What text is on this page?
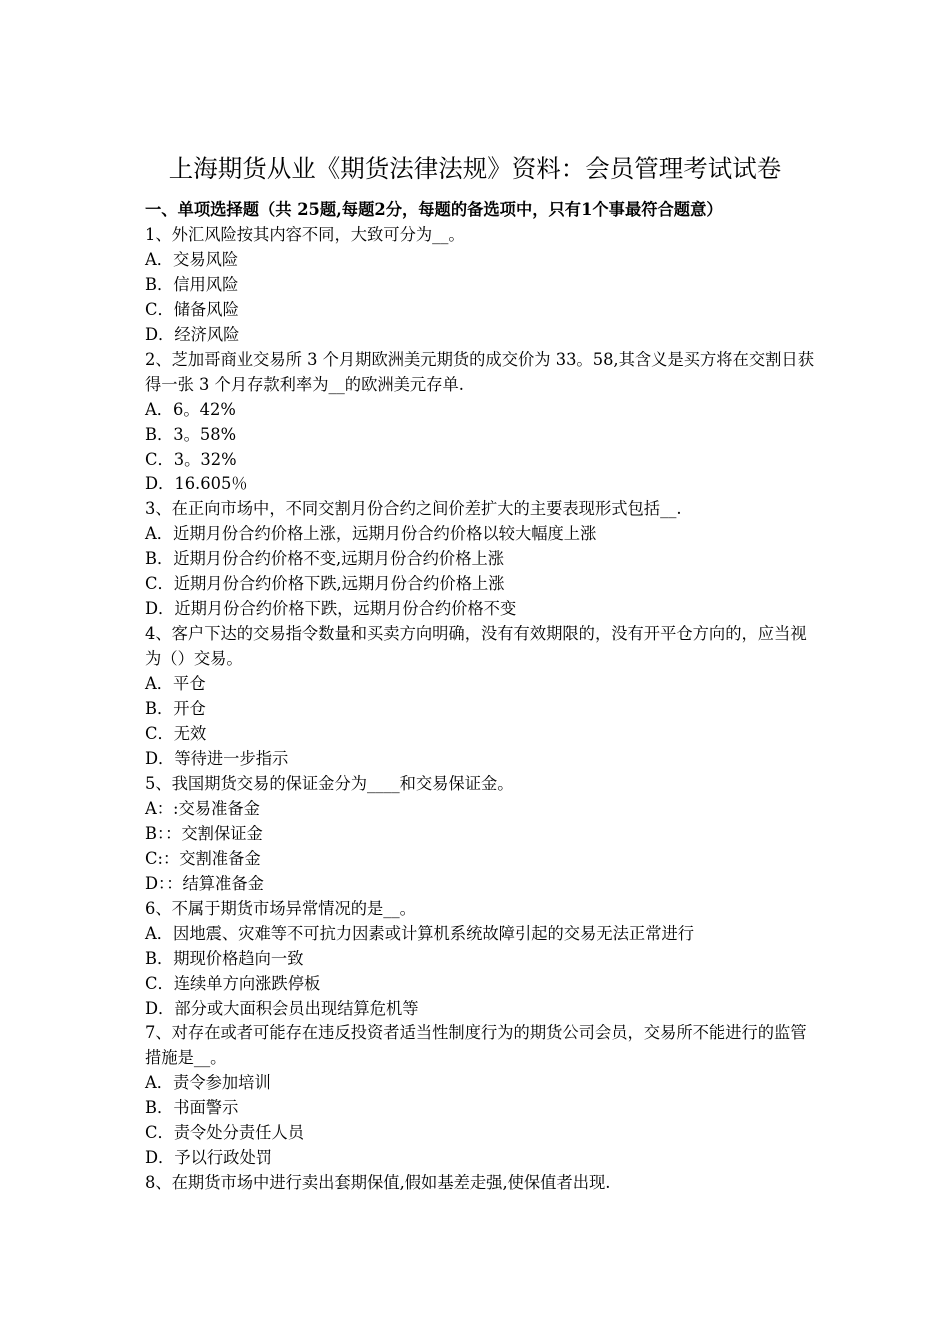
上海期货从业《期货法律法规》资料：会员管理考试试卷

一、单项选择题（共 25题,每题2分，每题的备选项中，只有1个事最符合题意）

1、外汇风险按其内容不同，大致可分为__。

A．交易风险

B．信用风险

C．储备风险

D．经济风险

2、芝加哥商业交易所 3 个月期欧洲美元期货的成交价为 33。58,其含义是买方将在交割日获得一张 3 个月存款利率为__的欧洲美元存单.

A．6。42%

B．3。58%

C．3。32%

D．16.605％

3、在正向市场中，不同交割月份合约之间价差扩大的主要表现形式包括__.

A．近期月份合约价格上涨，远期月份合约价格以较大幅度上涨

B．近期月份合约价格不变,远期月份合约价格上涨

C．近期月份合约价格下跌,远期月份合约价格上涨

D．近期月份合约价格下跌，远期月份合约价格不变

4、客户下达的交易指令数量和买卖方向明确，没有有效期限的，没有开平仓方向的，应当视为（）交易。

A．平仓

B．开仓

C．无效

D．等待进一步指示

5、我国期货交易的保证金分为____和交易保证金。

A：:交易准备金

B：：交割保证金

C:：交割准备金

D：：结算准备金

6、不属于期货市场异常情况的是__。

A．因地震、灾难等不可抗力因素或计算机系统故障引起的交易无法正常进行

B．期现价格趋向一致

C．连续单方向涨跌停板

D．部分或大面积会员出现结算危机等

7、对存在或者可能存在违反投资者适当性制度行为的期货公司会员，交易所不能进行的监管措施是__。

A．责令参加培训

B．书面警示

C．责令处分责任人员

D．予以行政处罚

8、在期货市场中进行卖出套期保值,假如基差走强,使保值者出现.
